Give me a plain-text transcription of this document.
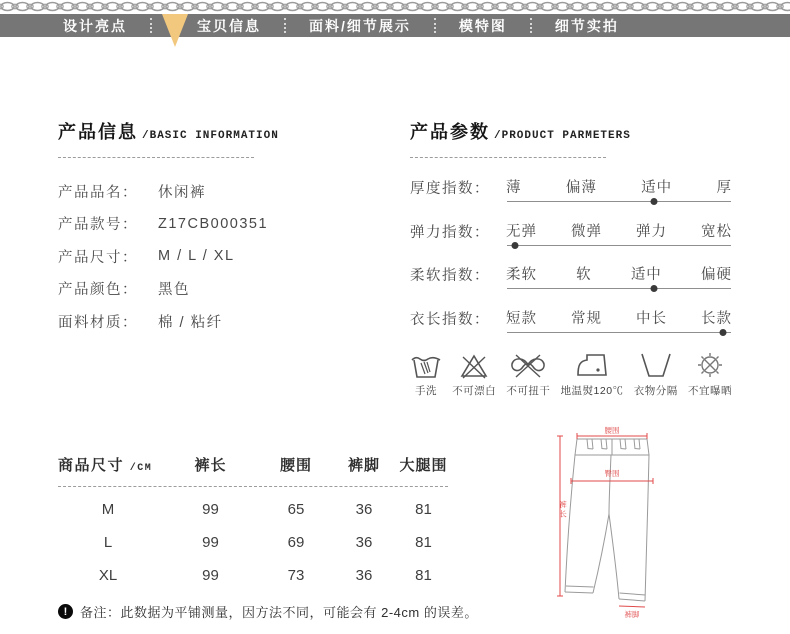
设计亮点	宝贝信息	面料/细节展示	模特图	细节实拍
产品信息 /BASIC INFORMATION
产品品名：	休闲裤
产品款号：	Z17CB000351
产品尺寸：	M / L / XL
产品颜色：	黑色
面料材质：	棉 / 粘纤
产品参数 /PRODUCT PARMETERS
厚度指数：	薄	偏薄	适中	厚
弹力指数：	无弹 微弹 弹力 宽松
柔软指数：	柔软	软	适中	偏硬
衣长指数：	短款 常规 中长 长款
手洗 不可漂白 不可扭干 地温熨120℃ 衣物分隔 不宜曝晒
商品尺寸 /CM	裤长	腰围	裤脚	大腿围
M	99	65	36	81
L	99	69	36	81
XL	99	73	36	81
! 备注：此数据为平铺测量，因方法不同，可能会有 2-4cm 的误差。
腰围
臀围
裤长
裤脚
